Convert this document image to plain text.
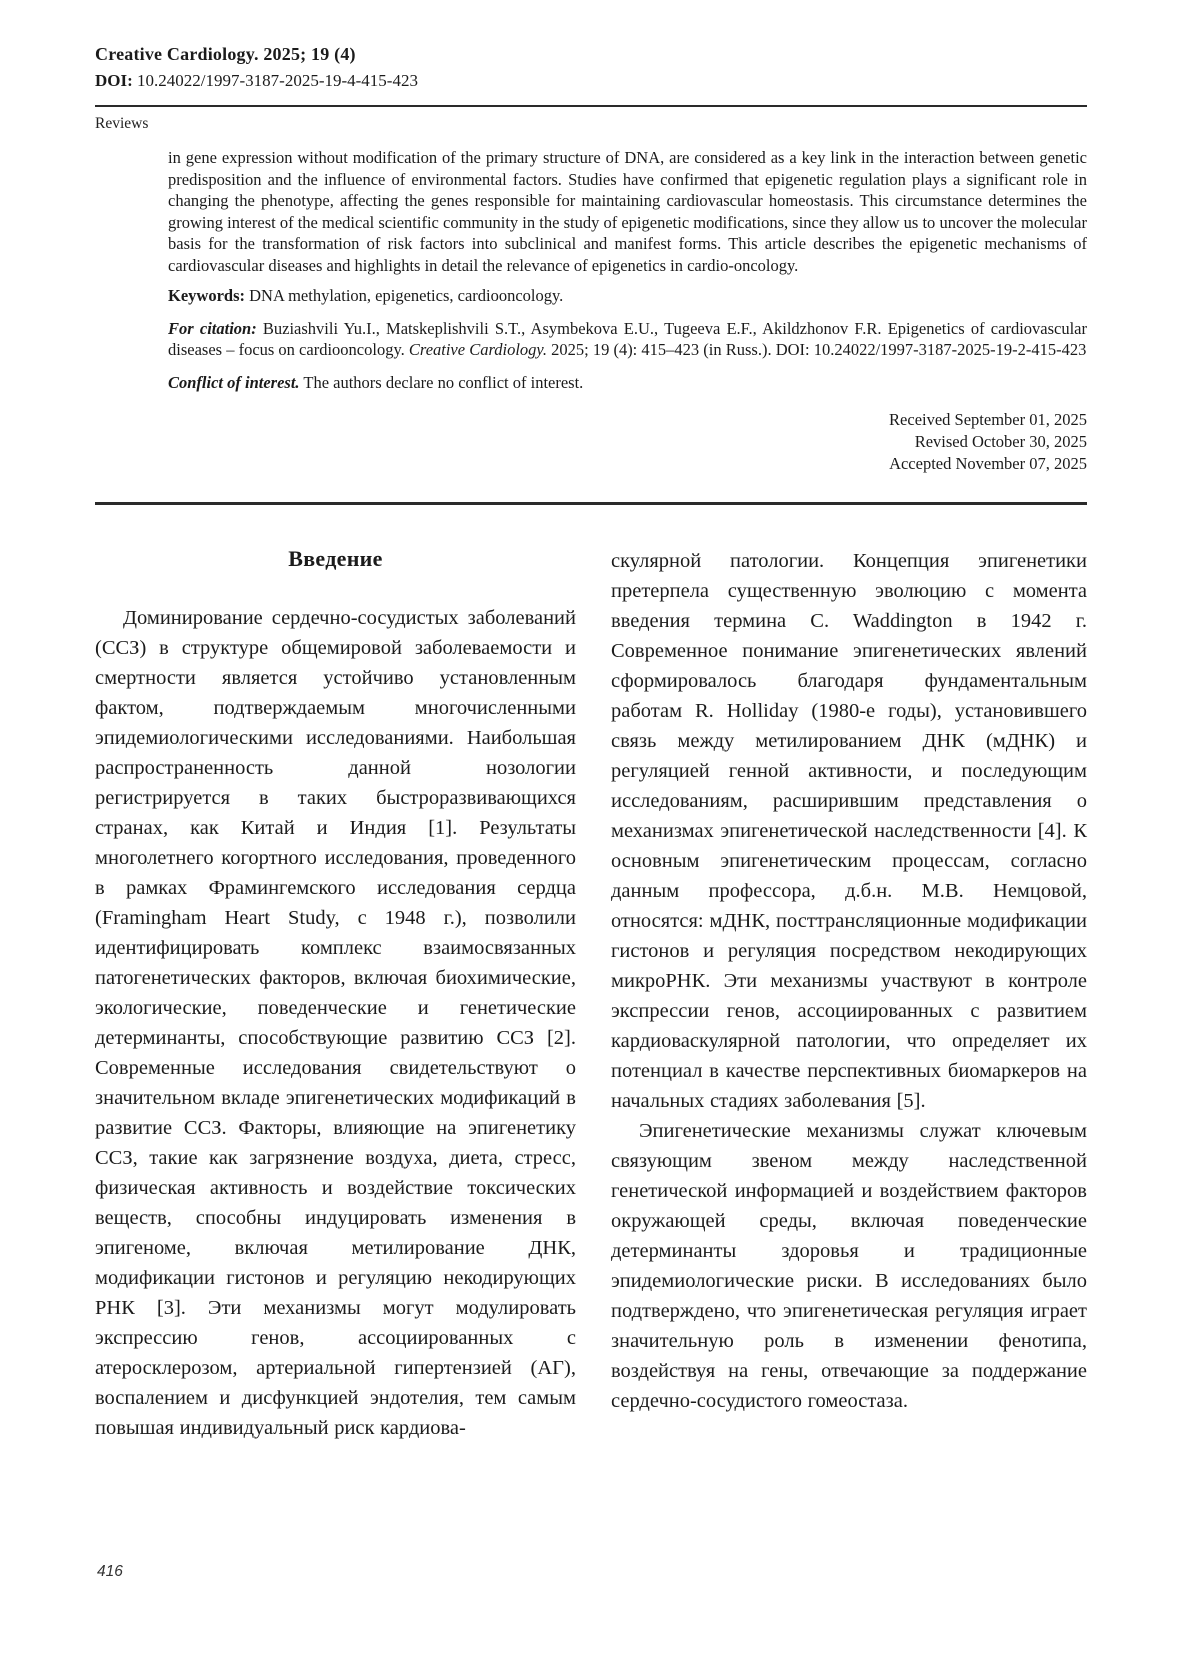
Creative Cardiology. 2025; 19 (4)
DOI: 10.24022/1997-3187-2025-19-4-415-423
Reviews

in gene expression without modification of the primary structure of DNA, are considered as a key link in the interaction between genetic predisposition and the influence of environmental factors. Studies have confirmed that epigenetic regulation plays a significant role in changing the phenotype, affecting the genes responsible for maintaining cardiovascular homeostasis. This circumstance determines the growing interest of the medical scientific community in the study of epigenetic modifications, since they allow us to uncover the molecular basis for the transformation of risk factors into subclinical and manifest forms. This article describes the epigenetic mechanisms of cardiovascular diseases and highlights in detail the relevance of epigenetics in cardio-oncology.

Keywords: DNA methylation, epigenetics, cardiooncology.

For citation: Buziashvili Yu.I., Matskeplishvili S.T., Asymbekova E.U., Tugeeva E.F., Akildzhonov F.R. Epigenetics of cardiovascular diseases – focus on cardiooncology. Creative Cardiology. 2025; 19 (4): 415–423 (in Russ.). DOI: 10.24022/1997-3187-2025-19-2-415-423

Conflict of interest. The authors declare no conflict of interest.

Received September 01, 2025
Revised October 30, 2025
Accepted November 07, 2025
Введение

Доминирование сердечно-сосудистых заболеваний (ССЗ) в структуре общемировой заболеваемости и смертности является устойчиво установленным фактом, подтверждаемым многочисленными эпидемиологическими исследованиями. Наибольшая распространенность данной нозологии регистрируется в таких быстроразвивающихся странах, как Китай и Индия [1]. Результаты многолетнего когортного исследования, проведенного в рамках Фрамингемского исследования сердца (Framingham Heart Study, с 1948 г.), позволили идентифицировать комплекс взаимосвязанных патогенетических факторов, включая биохимические, экологические, поведенческие и генетические детерминанты, способствующие развитию ССЗ [2]. Современные исследования свидетельствуют о значительном вкладе эпигенетических модификаций в развитие ССЗ. Факторы, влияющие на эпигенетику ССЗ, такие как загрязнение воздуха, диета, стресс, физическая активность и воздействие токсических веществ, способны индуцировать изменения в эпигеноме, включая метилирование ДНК, модификации гистонов и регуляцию некодирующих РНК [3]. Эти механизмы могут модулировать экспрессию генов, ассоциированных с атеросклерозом, артериальной гипертензией (АГ), воспалением и дисфункцией эндотелия, тем самым повышая индивидуальный риск кардиова-

скулярной патологии. Концепция эпигенетики претерпела существенную эволюцию с момента введения термина C. Waddington в 1942 г. Современное понимание эпигенетических явлений сформировалось благодаря фундаментальным работам R. Holliday (1980-е годы), установившего связь между метилированием ДНК (мДНК) и регуляцией генной активности, и последующим исследованиям, расширившим представления о механизмах эпигенетической наследственности [4]. К основным эпигенетическим процессам, согласно данным профессора, д.б.н. М.В. Немцовой, относятся: мДНК, посттрансляционные модификации гистонов и регуляция посредством некодирующих микроРНК. Эти механизмы участвуют в контроле экспрессии генов, ассоциированных с развитием кардиоваскулярной патологии, что определяет их потенциал в качестве перспективных биомаркеров на начальных стадиях заболевания [5].

Эпигенетические механизмы служат ключевым связующим звеном между наследственной генетической информацией и воздействием факторов окружающей среды, включая поведенческие детерминанты здоровья и традиционные эпидемиологические риски. В исследованиях было подтверждено, что эпигенетическая регуляция играет значительную роль в изменении фенотипа, воздействуя на гены, отвечающие за поддержание сердечно-сосудистого гомеостаза.

416
